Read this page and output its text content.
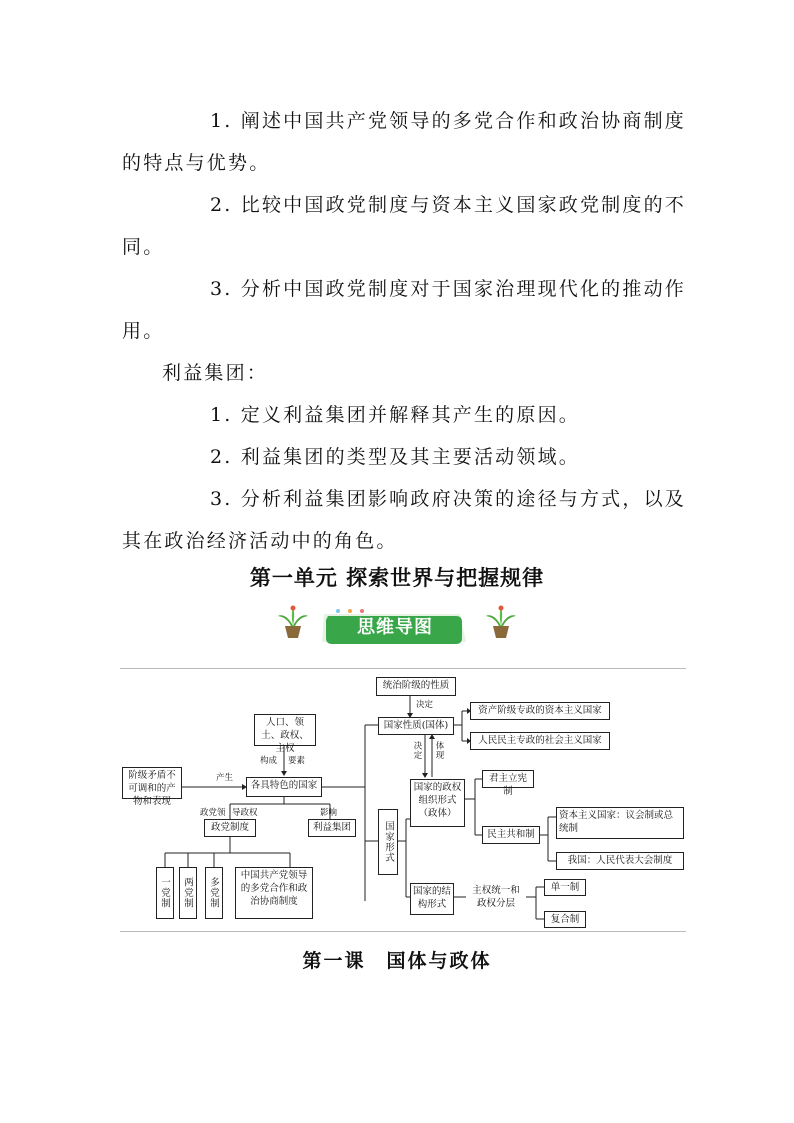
1. 阐述中国共产党领导的多党合作和政治协商制度
的特点与优势。
2. 比较中国政党制度与资本主义国家政党制度的不
同。
3. 分析中国政党制度对于国家治理现代化的推动作
用。
利益集团：
1. 定义利益集团并解释其产生的原因。
2. 利益集团的类型及其主要活动领域。
3. 分析利益集团影响政府决策的途径与方式，以及
其在政治经济活动中的角色。
第一单元 探索世界与把握规律
思维导图
统治阶级的性质
决定
国家性质(国体)
资产阶级专政的资本主义国家
人民民主专政的社会主义国家
人口、领土、政权、主权
构成 要素
阶级矛盾不可调和的产物和表现
产生
各具特色的国家
政党领 导政权	影响
政党制度	利益集团
一党制	两党制	多党制
中国共产党领导的多党合作和政治协商制度
国家形式
决定 体现
国家的政权组织形式（政体）
君主立宪制
民主共和制
资本主义国家：议会制或总统制
我国：人民代表大会制度
国家的结构形式
主权统一和政权分层
单一制
复合制
第一课　国体与政体
